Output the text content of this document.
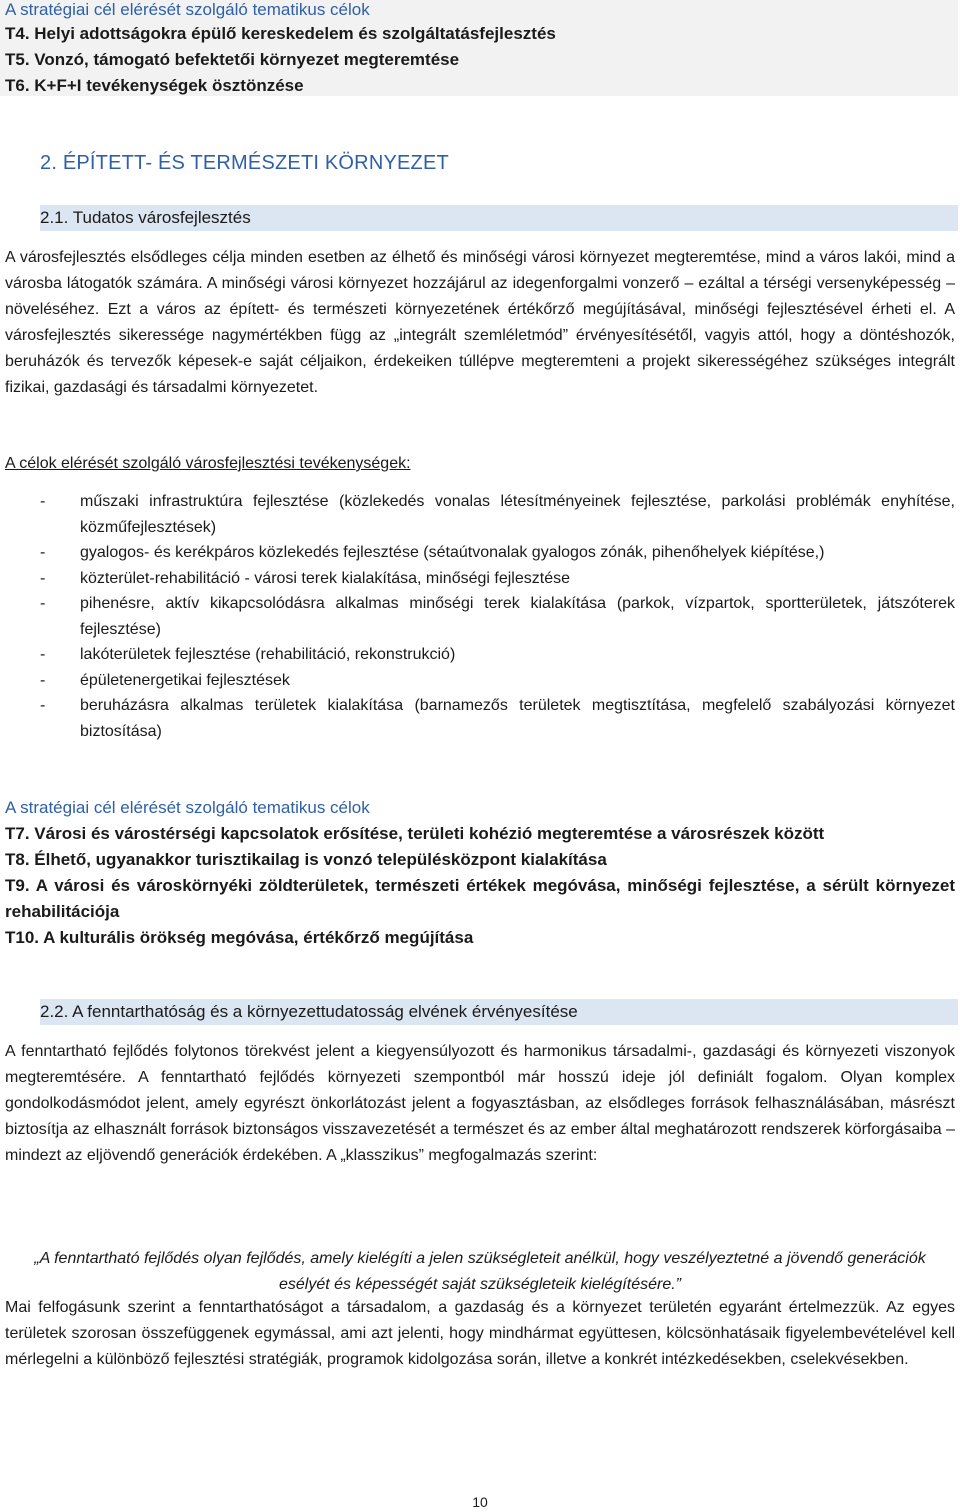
A stratégiai cél elérését szolgáló tematikus célok
T4. Helyi adottságokra épülő kereskedelem és szolgáltatásfejlesztés
T5. Vonzó, támogató befektetői környezet megteremtése
T6. K+F+I tevékenységek ösztönzése
2. ÉPÍTETT- ÉS TERMÉSZETI KÖRNYEZET
2.1. Tudatos városfejlesztés

A városfejlesztés elsődleges célja minden esetben az élhető és minőségi városi környezet megteremtése, mind a város lakói, mind a városba látogatók számára. A minőségi városi környezet hozzájárul az idegenforgalmi vonzerő – ezáltal a térségi versenyképesség – növeléséhez. Ezt a város az épített- és természeti környezetének értékőrző megújításával, minőségi fejlesztésével érheti el. A városfejlesztés sikeressége nagymértékben függ az „integrált szemléletmód” érvényesítésétől, vagyis attól, hogy a döntéshozók, beruházók és tervezők képesek-e saját céljaikon, érdekeiken túllépve megteremteni a projekt sikerességéhez szükséges integrált fizikai, gazdasági és társadalmi környezetet.

A célok elérését szolgáló városfejlesztési tevékenységek:
- műszaki infrastruktúra fejlesztése (közlekedés vonalas létesítményeinek fejlesztése, parkolási problémák enyhítése, közműfejlesztések)
- gyalogos- és kerékpáros közlekedés fejlesztése (sétaútvonalak gyalogos zónák, pihenőhelyek kiépítése,)
- közterület-rehabilitáció - városi terek kialakítása, minőségi fejlesztése
- pihenésre, aktív kikapcsolódásra alkalmas minőségi terek kialakítása (parkok, vízpartok, sportterületek, játszóterek fejlesztése)
- lakóterületek fejlesztése (rehabilitáció, rekonstrukció)
- épületenergetikai fejlesztések
- beruházásra alkalmas területek kialakítása (barnamezős területek megtisztítása, megfelelő szabályozási környezet biztosítása)
A stratégiai cél elérését szolgáló tematikus célok
T7. Városi és várostérségi kapcsolatok erősítése, területi kohézió megteremtése a városrészek között
T8. Élhető, ugyanakkor turisztikailag is vonzó településközpont kialakítása
T9. A városi és városkörnyéki zöldterületek, természeti értékek megóvása, minőségi fejlesztése, a sérült környezet rehabilitációja
T10. A kulturális örökség megóvása, értékőrző megújítása
2.2. A fenntarthatóság és a környezettudatosság elvének érvényesítése

A fenntartható fejlődés folytonos törekvést jelent a kiegyensúlyozott és harmonikus társadalmi-, gazdasági és környezeti viszonyok megteremtésére. A fenntartható fejlődés környezeti szempontból már hosszú ideje jól definiált fogalom. Olyan komplex gondolkodásmódot jelent, amely egyrészt önkorlátozást jelent a fogyasztásban, az elsődleges források felhasználásában, másrészt biztosítja az elhasznált források biztonságos visszavezetését a természet és az ember által meghatározott rendszerek körforgásaiba – mindezt az eljövendő generációk érdekében. A „klasszikus” megfogalmazás szerint:

„A fenntartható fejlődés olyan fejlődés, amely kielégíti a jelen szükségleteit anélkül, hogy veszélyeztetné a jövendő generációk esélyét és képességét saját szükségleteik kielégítésére.”

Mai felfogásunk szerint a fenntarthatóságot a társadalom, a gazdaság és a környezet területén egyaránt értelmezzük. Az egyes területek szorosan összefüggenek egymással, ami azt jelenti, hogy mindhármat együttesen, kölcsönhatásaik figyelembevételével kell mérlegelni a különböző fejlesztési stratégiák, programok kidolgozása során, illetve a konkrét intézkedésekben, cselekvésekben.

10
